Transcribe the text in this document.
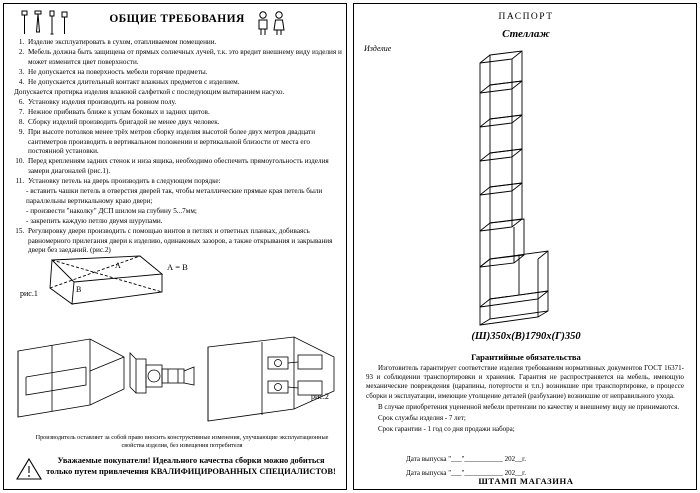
ОБЩИЕ ТРЕБОВАНИЯ
1. Изделие эксплуатировать в сухом, отапливаемом помещении.
2. Мебель должна быть защищена от прямых солнечных лучей, т.к. это вредит внешнему виду изделия и может изменится цвет поверхности.
3. Не допускается на поверхность мебели горячие предметы.
4. Не допускается длительный контакт влажных предметов с изделием.
Допускается протирка изделия влажной салфеткой с последующим вытиранием насухо.
6. Установку изделия производить на ровном полу.
7. Нежное прибивать ближе к углам боковых и задних щитов.
8. Сборку изделий производить бригадой не менее двух человек.
9. При высоте потолков менее трёх метров сборку изделия высотой более двух метров двадцати сантиметров производить в вертикальном положении и вертикальной близости от места его постоянной установки.
10. Перед креплениям задних стенок и низа ящика, необходимо обеспечить прямоугольность изделия замери диагоналей (рис.1).
11. Установку петель на дверь производить в следующем порядке:
- вставить чашки петель в отверстия дверей так, чтобы металлические прямые края петель были параллельны вертикальному краю двери;
- произвести "наколку" ДСП шилом на глубину 5...7мм;
- закрепить каждую петлю двумя шурупами.
15. Регулировку двери производить с помощью винтов в петлях и ответных планках, добиваясь равномерного прилегания двери к изделию, одинаковых зазоров, а также открывания и закрывания двери без заеданий. (рис.2)
А
В
рис.1
А = В
рис.2
Производитель оставляет за собой право вносить конструктивные изменения, улучшающие эксплуатационные свойства изделия, без извещения потребителя
Уважаемые покупатели! Идеального качества сборки можно добиться только путем привлечения КВАЛИФИЦИРОВАННЫХ СПЕЦИАЛИСТОВ!
ПАСПОРТ
Стеллаж
Изделие
(Ш)350х(В)1790х(Г)350
Гарантийные обязательства

Изготовитель гарантирует соответствие изделия требованиям нормативных документов ГОСТ 16371-93 и соблюдении транспортировки и хранения. Гарантия не распространяется на мебель, имеющую механические повреждения (царапины, потертости и т.п.) возникшие при транспортировке, в процессе сборки и эксплуатации, имеющие утолщение деталей (разбухание) возникшие от неправильного ухода.

В случае приобретения уцененной мебели претензии по качеству и внешнему виду не принимаются.

Срок службы изделия - 7 лет;

Срок гарантии - 1 год со дня продажи набора;

Дата выпуска "___"___________ 202__г.
Дата выпуска "___"___________ 202__г.
ШТАМП МАГАЗИНА
